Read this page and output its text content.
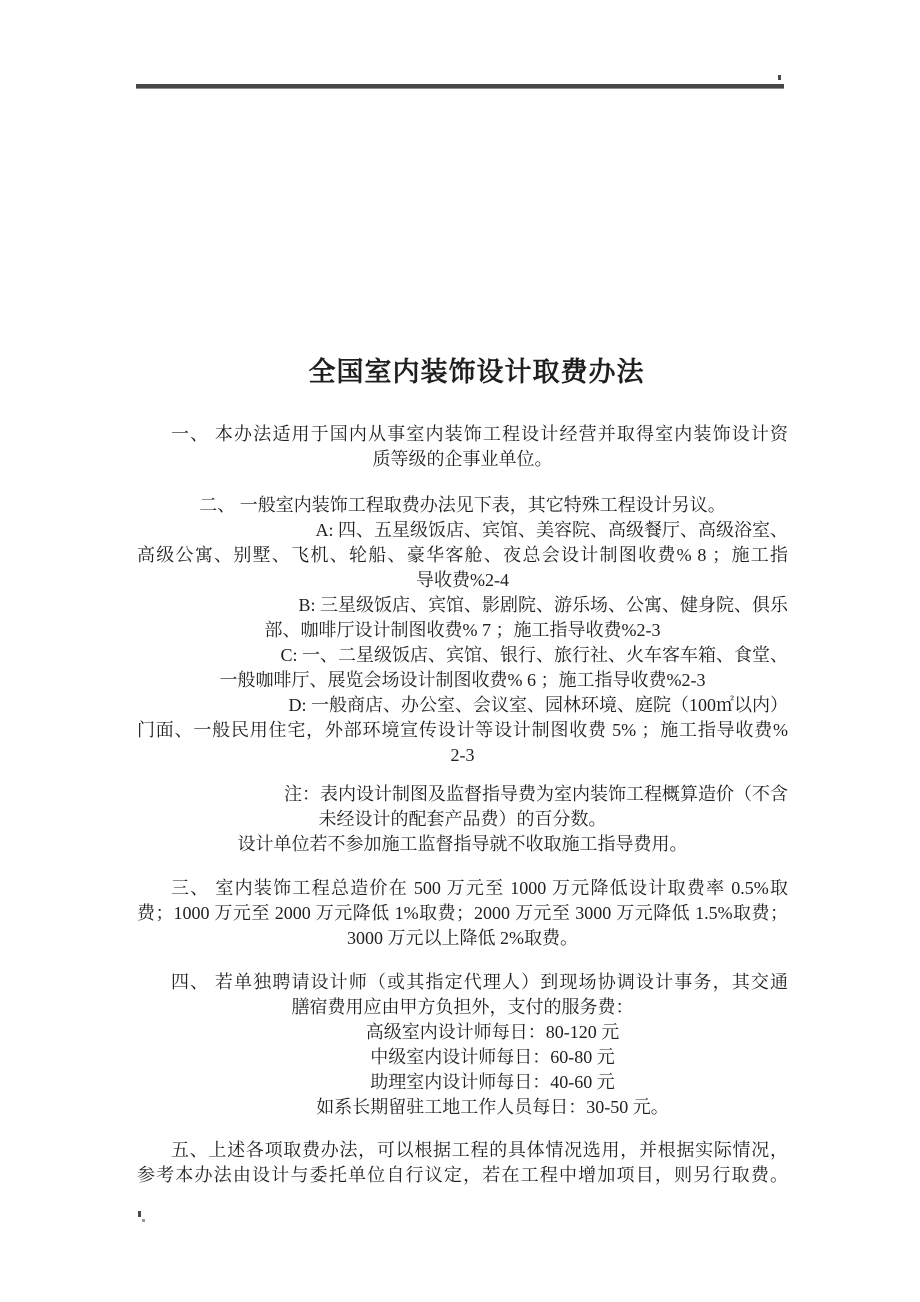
全国室内装饰设计取费办法
一、 本办法适用于国内从事室内装饰工程设计经营并取得室内装饰设计资
质等级的企事业单位。
二、 一般室内装饰工程取费办法见下表，其它特殊工程设计另议。
A: 四、五星级饭店、宾馆、美容院、高级餐厅、高级浴室、
高级公寓、别墅、飞机、轮船、豪华客舱、夜总会设计制图收费% 8 ；施工指
导收费%2-4
B: 三星级饭店、宾馆、影剧院、游乐场、公寓、健身院、俱乐
部、咖啡厅设计制图收费% 7 ；施工指导收费%2-3
C: 一、二星级饭店、宾馆、银行、旅行社、火车客车箱、食堂、
一般咖啡厅、展览会场设计制图收费% 6 ；施工指导收费%2-3
D: 一般商店、办公室、会议室、园林环境、庭院（100㎡以内）
门面、一般民用住宅，外部环境宣传设计等设计制图收费 5% ；施工指导收费%
2-3
注：表内设计制图及监督指导费为室内装饰工程概算造价（不含
未经设计的配套产品费）的百分数。
设计单位若不参加施工监督指导就不收取施工指导费用。
三、 室内装饰工程总造价在 500 万元至 1000 万元降低设计取费率 0.5%取
费；1000 万元至 2000 万元降低 1%取费；2000 万元至 3000 万元降低 1.5%取费；
3000 万元以上降低 2%取费。
四、 若单独聘请设计师（或其指定代理人）到现场协调设计事务，其交通
膳宿费用应由甲方负担外，支付的服务费：
高级室内设计师每日：80-120 元
中级室内设计师每日：60-80 元
助理室内设计师每日：40-60 元
如系长期留驻工地工作人员每日：30-50 元。
五、上述各项取费办法，可以根据工程的具体情况选用，并根据实际情况，
参考本办法由设计与委托单位自行议定，若在工程中增加项目，则另行取费。
